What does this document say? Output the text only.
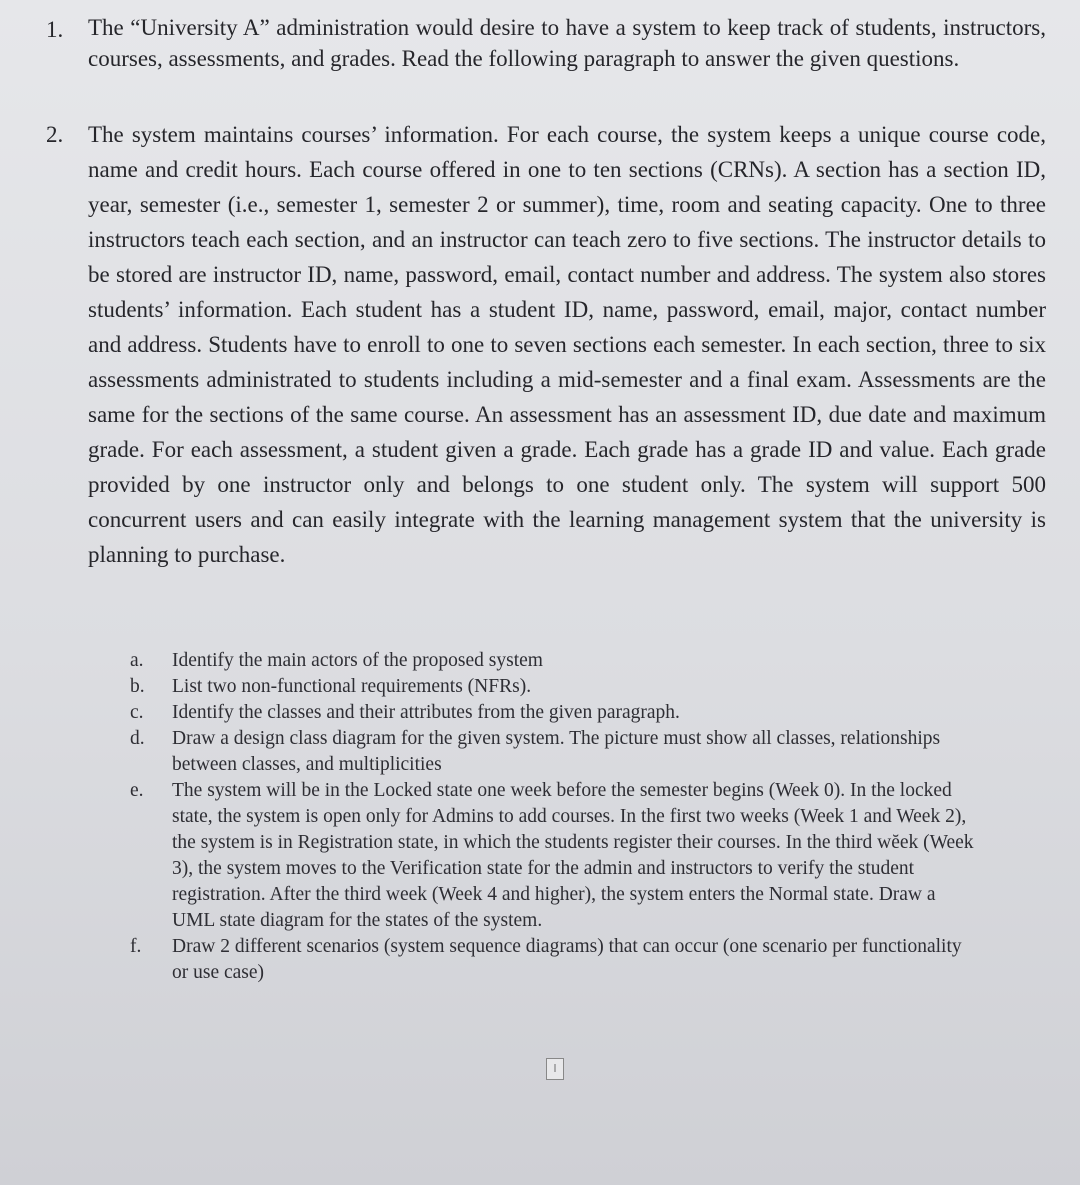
1. The “University A” administration would desire to have a system to keep track of students, instructors, courses, assessments, and grades. Read the following paragraph to answer the given questions.
2. The system maintains courses’ information. For each course, the system keeps a unique course code, name and credit hours. Each course offered in one to ten sections (CRNs). A section has a section ID, year, semester (i.e., semester 1, semester 2 or summer), time, room and seating capacity. One to three instructors teach each section, and an instructor can teach zero to five sections. The instructor details to be stored are instructor ID, name, password, email, contact number and address. The system also stores students’ information. Each student has a student ID, name, password, email, major, contact number and address. Students have to enroll to one to seven sections each semester. In each section, three to six assessments administrated to students including a mid-semester and a final exam. Assessments are the same for the sections of the same course. An assessment has an assessment ID, due date and maximum grade. For each assessment, a student given a grade. Each grade has a grade ID and value. Each grade provided by one instructor only and belongs to one student only. The system will support 500 concurrent users and can easily integrate with the learning management system that the university is planning to purchase.
a. Identify the main actors of the proposed system
b. List two non-functional requirements (NFRs).
c. Identify the classes and their attributes from the given paragraph.
d. Draw a design class diagram for the given system. The picture must show all classes, relationships between classes, and multiplicities
e. The system will be in the Locked state one week before the semester begins (Week 0). In the locked state, the system is open only for Admins to add courses. In the first two weeks (Week 1 and Week 2), the system is in Registration state, in which the students register their courses. In the third wĕek (Week 3), the system moves to the Verification state for the admin and instructors to verify the student registration. After the third week (Week 4 and higher), the system enters the Normal state. Draw a UML state diagram for the states of the system.
f. Draw 2 different scenarios (system sequence diagrams) that can occur (one scenario per functionality or use case)
I
